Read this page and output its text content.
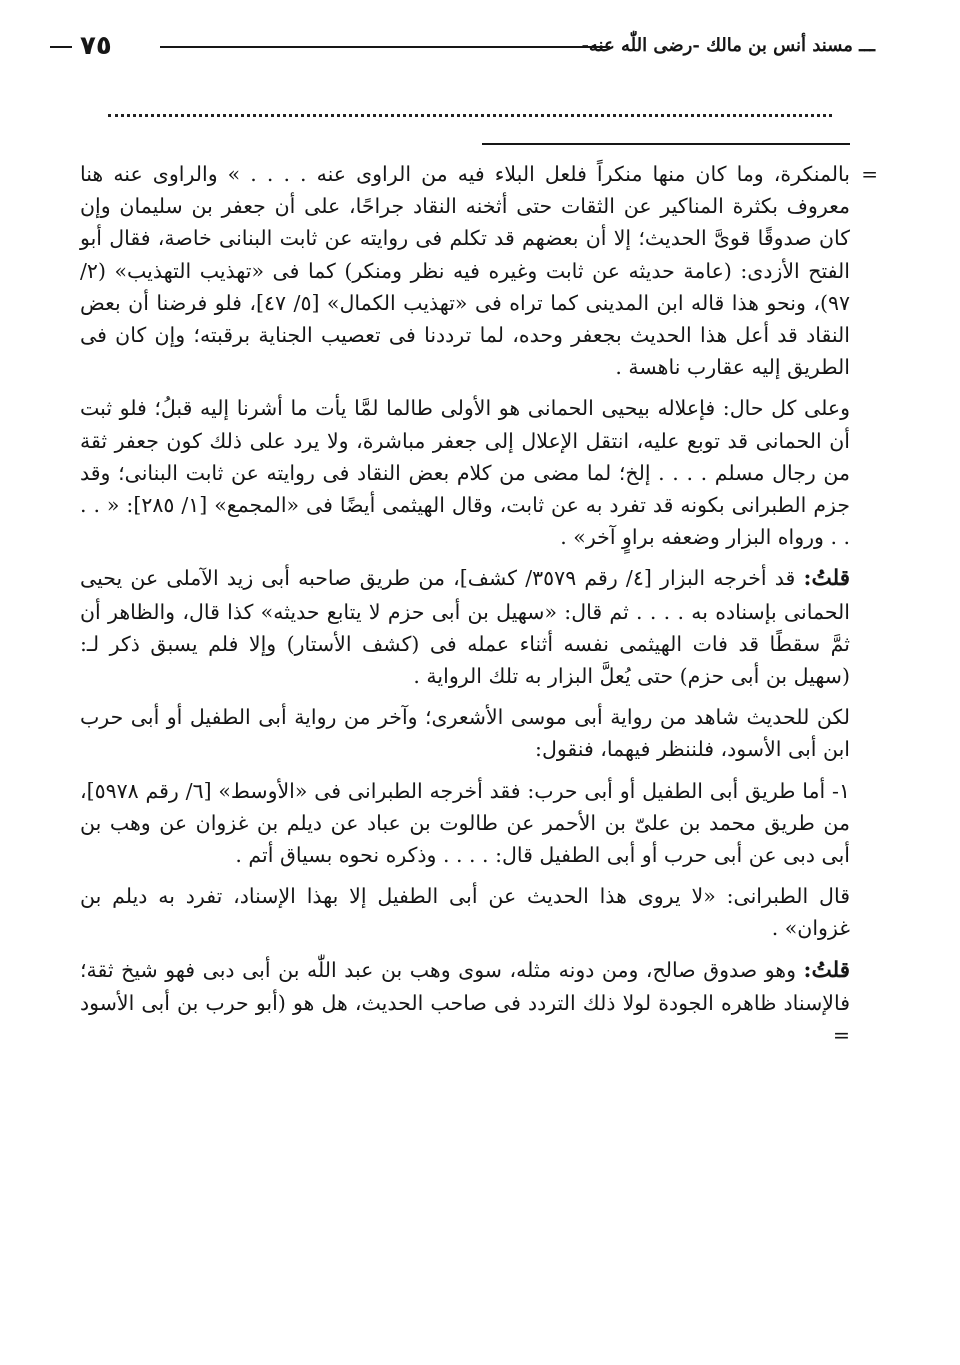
٧٥	ـــ مسند أنس بن مالك -رضى اللّٰه عنه-

=
بالمنكرة، وما كان منها منكراً فلعل البلاء فيه من الراوى عنه . . . . » والراوى عنه هنا معروف بكثرة المناكير عن الثقات حتى أثخنه النقاد جراحًا، على أن جعفر بن سليمان وإن كان صدوقًا قوىَّ الحديث؛ إلا أن بعضهم قد تكلم فى روايته عن ثابت البنانى خاصة، فقال أبو الفتح الأزدى: (عامة حديثه عن ثابت وغيره فيه نظر ومنكر) كما فى «تهذيب التهذيب» (٢/ ٩٧)، ونحو هذا قاله ابن المدينى كما تراه فى «تهذيب الكمال» [٥/ ٤٧]، فلو فرضنا أن بعض النقاد قد أعل هذا الحديث بجعفر وحده، لما ترددنا فى تعصيب الجناية برقبته؛ وإن كان فى الطريق إليه عقارب ناهسة .

وعلى كل حال: فإعلاله بيحيى الحمانى هو الأولى طالما لمَّا يأت ما أشرنا إليه قبلُ؛ فلو ثبت أن الحمانى قد توبع عليه، انتقل الإعلال إلى جعفر مباشرة، ولا يرد على ذلك كون جعفر ثقة من رجال مسلم . . . . إلخ؛ لما مضى من كلام بعض النقاد فى روايته عن ثابت البنانى؛ وقد جزم الطبرانى بكونه قد تفرد به عن ثابت، وقال الهيثمى أيضًا فى «المجمع» [١/ ٢٨٥]: « . . . . ورواه البزار وضعفه براوٍ آخر» .

قلتُ: قد أخرجه البزار [٤/ رقم ٣٥٧٩/ كشف]، من طريق صاحبه أبى زيد الآملى عن يحيى الحمانى بإسناده به . . . . ثم قال: «سهيل بن أبى حزم لا يتابع حديثه» كذا قال، والظاهر أن ثمَّ سقطًا قد فات الهيثمى نفسه أثناء عمله فى (كشف الأستار) وإلا فلم يسبق ذكر لـ: (سهيل بن أبى حزم) حتى يُعلَّ البزار به تلك الرواية .

لكن للحديث شاهد من رواية أبى موسى الأشعرى؛ وآخر من رواية أبى الطفيل أو أبى حرب ابن أبى الأسود، فلننظر فيهما، فنقول:

١- أما طريق أبى الطفيل أو أبى حرب: فقد أخرجه الطبرانى فى «الأوسط» [٦/ رقم ٥٩٧٨]، من طريق محمد بن علىّ بن الأحمر عن طالوت بن عباد عن ديلم بن غزوان عن وهب بن أبى دبى عن أبى حرب أو أبى الطفيل قال: . . . . وذكره نحوه بسياق أتم .

قال الطبرانى: «لا يروى هذا الحديث عن أبى الطفيل إلا بهذا الإسناد، تفرد به ديلم بن غزوان» .

قلتُ: وهو صدوق صالح، ومن دونه مثله، سوى وهب بن عبد اللّٰه بن أبى دبى فهو شيخ ثقة؛ فالإسناد ظاهره الجودة لولا ذلك التردد فى صاحب الحديث، هل هو (أبو حرب بن أبى الأسود =
